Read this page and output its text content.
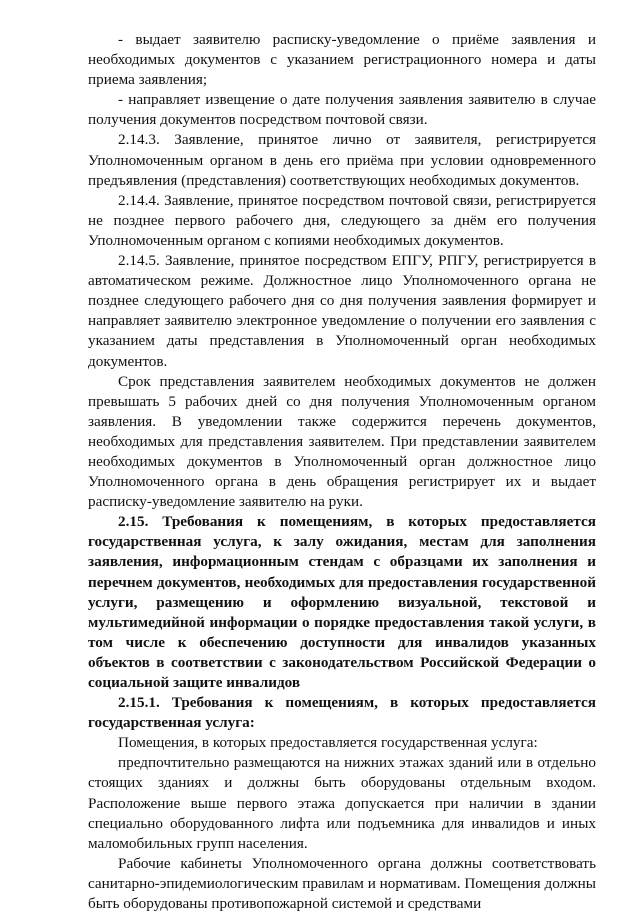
- выдает заявителю расписку-уведомление о приёме заявления и необходимых документов с указанием регистрационного номера и даты приема заявления;

- направляет извещение о дате получения заявления заявителю в случае получения документов посредством почтовой связи.

2.14.3. Заявление, принятое лично от заявителя, регистрируется Уполномоченным органом в день его приёма при условии одновременного предъявления (представления) соответствующих необходимых документов.

2.14.4. Заявление, принятое посредством почтовой связи, регистрируется не позднее первого рабочего дня, следующего за днём его получения Уполномоченным органом с копиями необходимых документов.

2.14.5. Заявление, принятое посредством ЕПГУ, РПГУ, регистрируется в автоматическом режиме. Должностное лицо Уполномоченного органа не позднее следующего рабочего дня со дня получения заявления формирует и направляет заявителю электронное уведомление о получении его заявления с указанием даты представления в Уполномоченный орган необходимых документов.

Срок представления заявителем необходимых документов не должен превышать 5 рабочих дней со дня получения Уполномоченным органом заявления. В уведомлении также содержится перечень документов, необходимых для представления заявителем. При представлении заявителем необходимых документов в Уполномоченный орган должностное лицо Уполномоченного органа в день обращения регистрирует их и выдает расписку-уведомление заявителю на руки.

2.15. Требования к помещениям, в которых предоставляется государственная услуга, к залу ожидания, местам для заполнения заявления, информационным стендам с образцами их заполнения и перечнем документов, необходимых для предоставления государственной услуги, размещению и оформлению визуальной, текстовой и мультимедийной информации о порядке предоставления такой услуги, в том числе к обеспечению доступности для инвалидов указанных объектов в соответствии с законодательством Российской Федерации о социальной защите инвалидов

2.15.1. Требования к помещениям, в которых предоставляется государственная услуга:

Помещения, в которых предоставляется государственная услуга:

предпочтительно размещаются на нижних этажах зданий или в отдельно стоящих зданиях и должны быть оборудованы отдельным входом. Расположение выше первого этажа допускается при наличии в здании специально оборудованного лифта или подъемника для инвалидов и иных маломобильных групп населения.

Рабочие кабинеты Уполномоченного органа должны соответствовать санитарно-эпидемиологическим правилам и нормативам. Помещения должны быть оборудованы противопожарной системой и средствами
